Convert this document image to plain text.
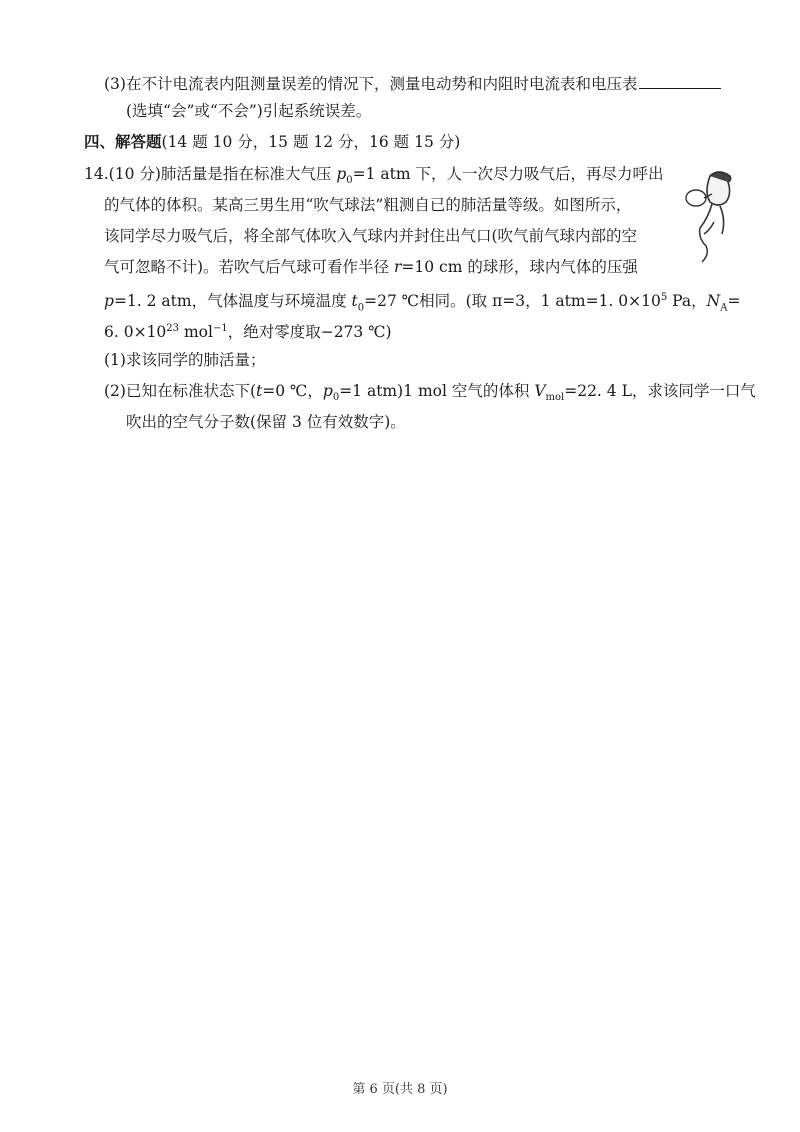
(3)在不计电流表内阻测量误差的情况下，测量电动势和内阻时电流表和电压表
(选填“会”或“不会”)引起系统误差。
四、解答题(14 题 10 分，15 题 12 分，16 题 15 分)
14.(10 分)肺活量是指在标准大气压 $p_0=1$ atm 下，人一次尽力吸气后，再尽力呼出
的气体的体积。某高三男生用“吹气球法”粗测自已的肺活量等级。如图所示，
该同学尽力吸气后，将全部气体吹入气球内并封住出气口(吹气前气球内部的空
气可忽略不计)。若吹气后气球可看作半径 r=10 cm 的球形，球内气体的压强
p=1. 2 atm，气体温度与环境温度 $t_0=27$ ℃相同。(取 π=3，1 atm=1. $0\times 10^5$ Pa，$N_A=$
6. $0\times 10^{23}$ mol$^{-1}$，绝对零度取−273 ℃)
(1)求该同学的肺活量；
(2)已知在标准状态下(t=0 ℃，$p_0=1$ atm)1 mol 空气的体积 $V_{mol}=22$. 4 L，求该同学一口气
吹出的空气分子数(保留 3 位有效数字)。
第 6 页(共 8 页)
